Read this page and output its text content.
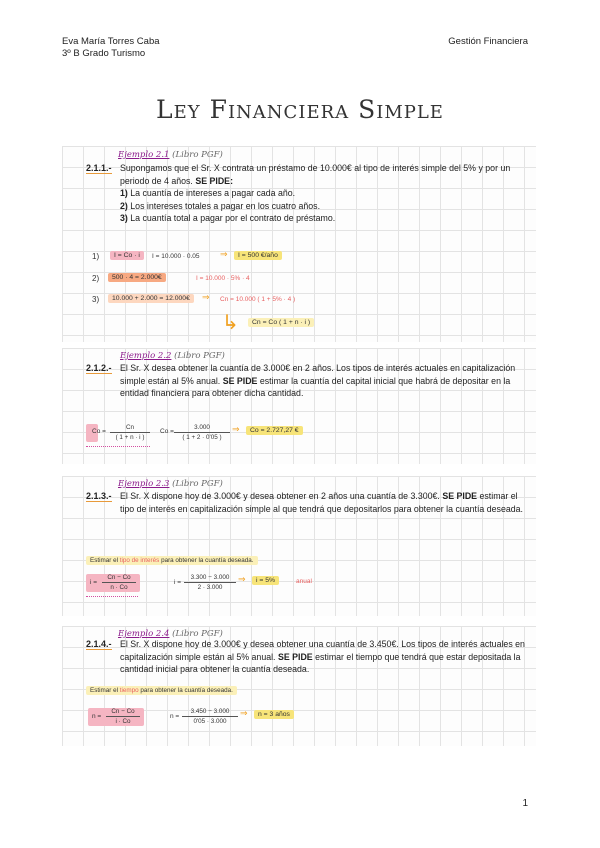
Eva María Torres Caba
3º B Grado Turismo
Gestión Financiera
Ley Financiera Simple
Ejemplo 2.1 (Libro PGF)
2.1.1.- Supongamos que el Sr. X contrata un préstamo de 10.000€ al tipo de interés simple del 5% y por un periodo de 4 años. SE PIDE:
1) La cuantía de intereses a pagar cada año.
2) Los intereses totales a pagar en los cuatro años.
3) La cuantía total a pagar por el contrato de préstamo.
1)	I = Co · i	I = 10.000 · 0.05 ⇒	I = 500 €/año
2)	500 · 4 = 2.000€	I = 10.000 · 5% · 4
3)	10.000 + 2.000 = 12.000€	⇒ Cn = 10.000 ( 1 + 5% · 4 )
↳	Cn = Co ( 1 + n · i )
Ejemplo 2.2 (Libro PGF)
2.1.2.- El Sr. X desea obtener la cuantía de 3.000€ en 2 años. Los tipos de interés actuales en capitalización simple están al 5% anual. SE PIDE estimar la cuantía del capital inicial que habrá de depositar en la entidad financiera para obtener dicha cantidad.
$Co = \frac{Cn}{( 1 + n \cdot i )}$ $Co = \frac{3.000}{( 1 + 2 \cdot 0'05 )}$ ⇒	Co = 2.727,27 €
Ejemplo 2.3 (Libro PGF)
2.1.3.- El Sr. X dispone hoy de 3.000€ y desea obtener en 2 años una cuantía de 3.300€. SE PIDE estimar el tipo de interés en capitalización simple al que tendrá que depositarlos para obtener la cuantía deseada.
Estimar el tipo de interés para obtener la cuantía deseada.
$i = \frac{Cn - Co}{n \cdot Co}$	$i = \frac{3.300 - 3.000}{2 \cdot 3.000}$ ⇒	i = 5%	anual
Ejemplo 2.4 (Libro PGF)
2.1.4.- El Sr. X dispone hoy de 3.000€ y desea obtener una cuantía de 3.450€. Los tipos de interés actuales en capitalización simple están al 5% anual. SE PIDE estimar el tiempo que tendrá que estar depositada la cantidad inicial para obtener la cuantía deseada.
Estimar el tiempo para obtener la cuantía deseada.
$n = \frac{Cn - Co}{i \cdot Co}$	$n = \frac{3.450 - 3.000}{0'05 \cdot 3.000}$ ⇒	n = 3 años
1
